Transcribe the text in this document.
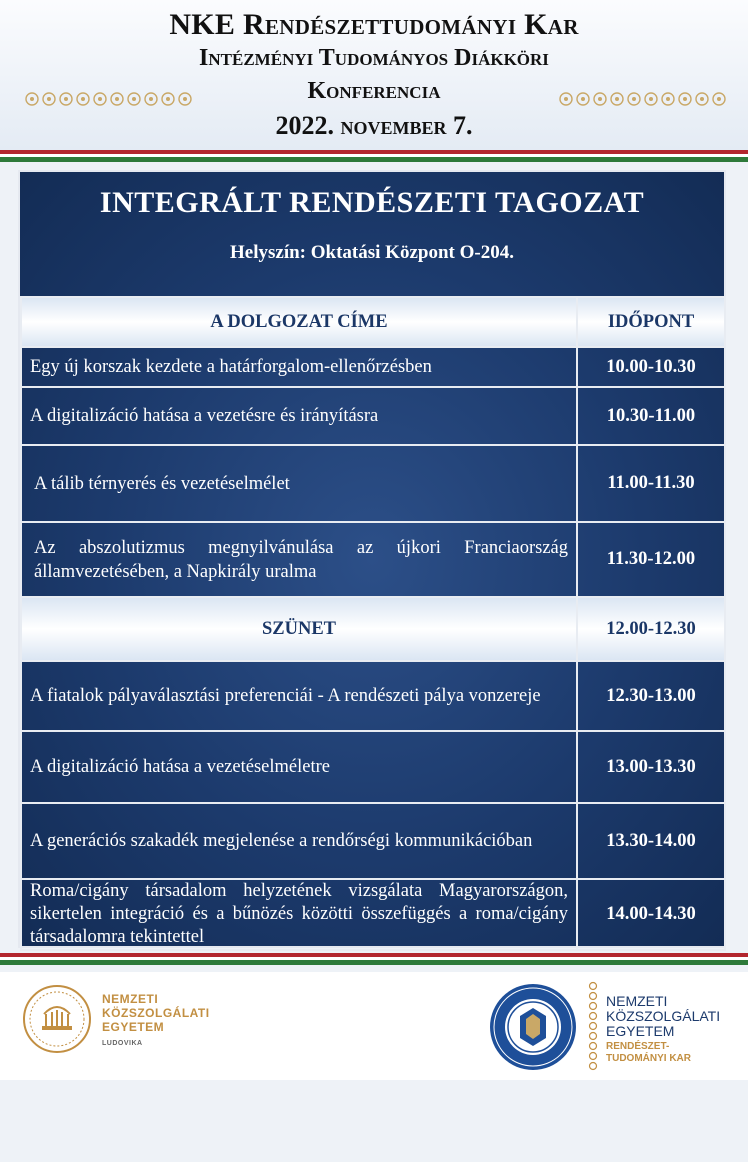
NKE Rendészettudományi Kar
Intézményi Tudományos Diákköri
Konferencia
2022. november 7.
INTEGRÁLT RENDÉSZETI TAGOZAT
Helyszín: Oktatási Központ O-204.
A DOLGOZAT CÍME	IDŐPONT
Egy új korszak kezdete a határforgalom-ellenőrzésben	10.00-10.30
A digitalizáció hatása a vezetésre és irányításra	10.30-11.00
A tálib térnyerés és vezetéselmélet	11.00-11.30
Az abszolutizmus megnyilvánulása az újkori Franciaország államvezetésében, a Napkirály uralma	11.30-12.00
SZÜNET	12.00-12.30
A fiatalok pályaválasztási preferenciái - A rendészeti pálya vonzereje	12.30-13.00
A digitalizáció hatása a vezetéselméletre	13.00-13.30
A generációs szakadék megjelenése a rendőrségi kommunikációban	13.30-14.00
Roma/cigány társadalom helyzetének vizsgálata Magyarországon, sikertelen integráció és a bűnözés közötti összefüggés a roma/cigány társadalomra tekintettel	14.00-14.30
NEMZETI
KÖZSZOLGÁLATI
EGYETEM
LUDOVIKA
NEMZETI
KÖZSZOLGÁLATI
EGYETEM
RENDÉSZET-
TUDOMÁNYI KAR
